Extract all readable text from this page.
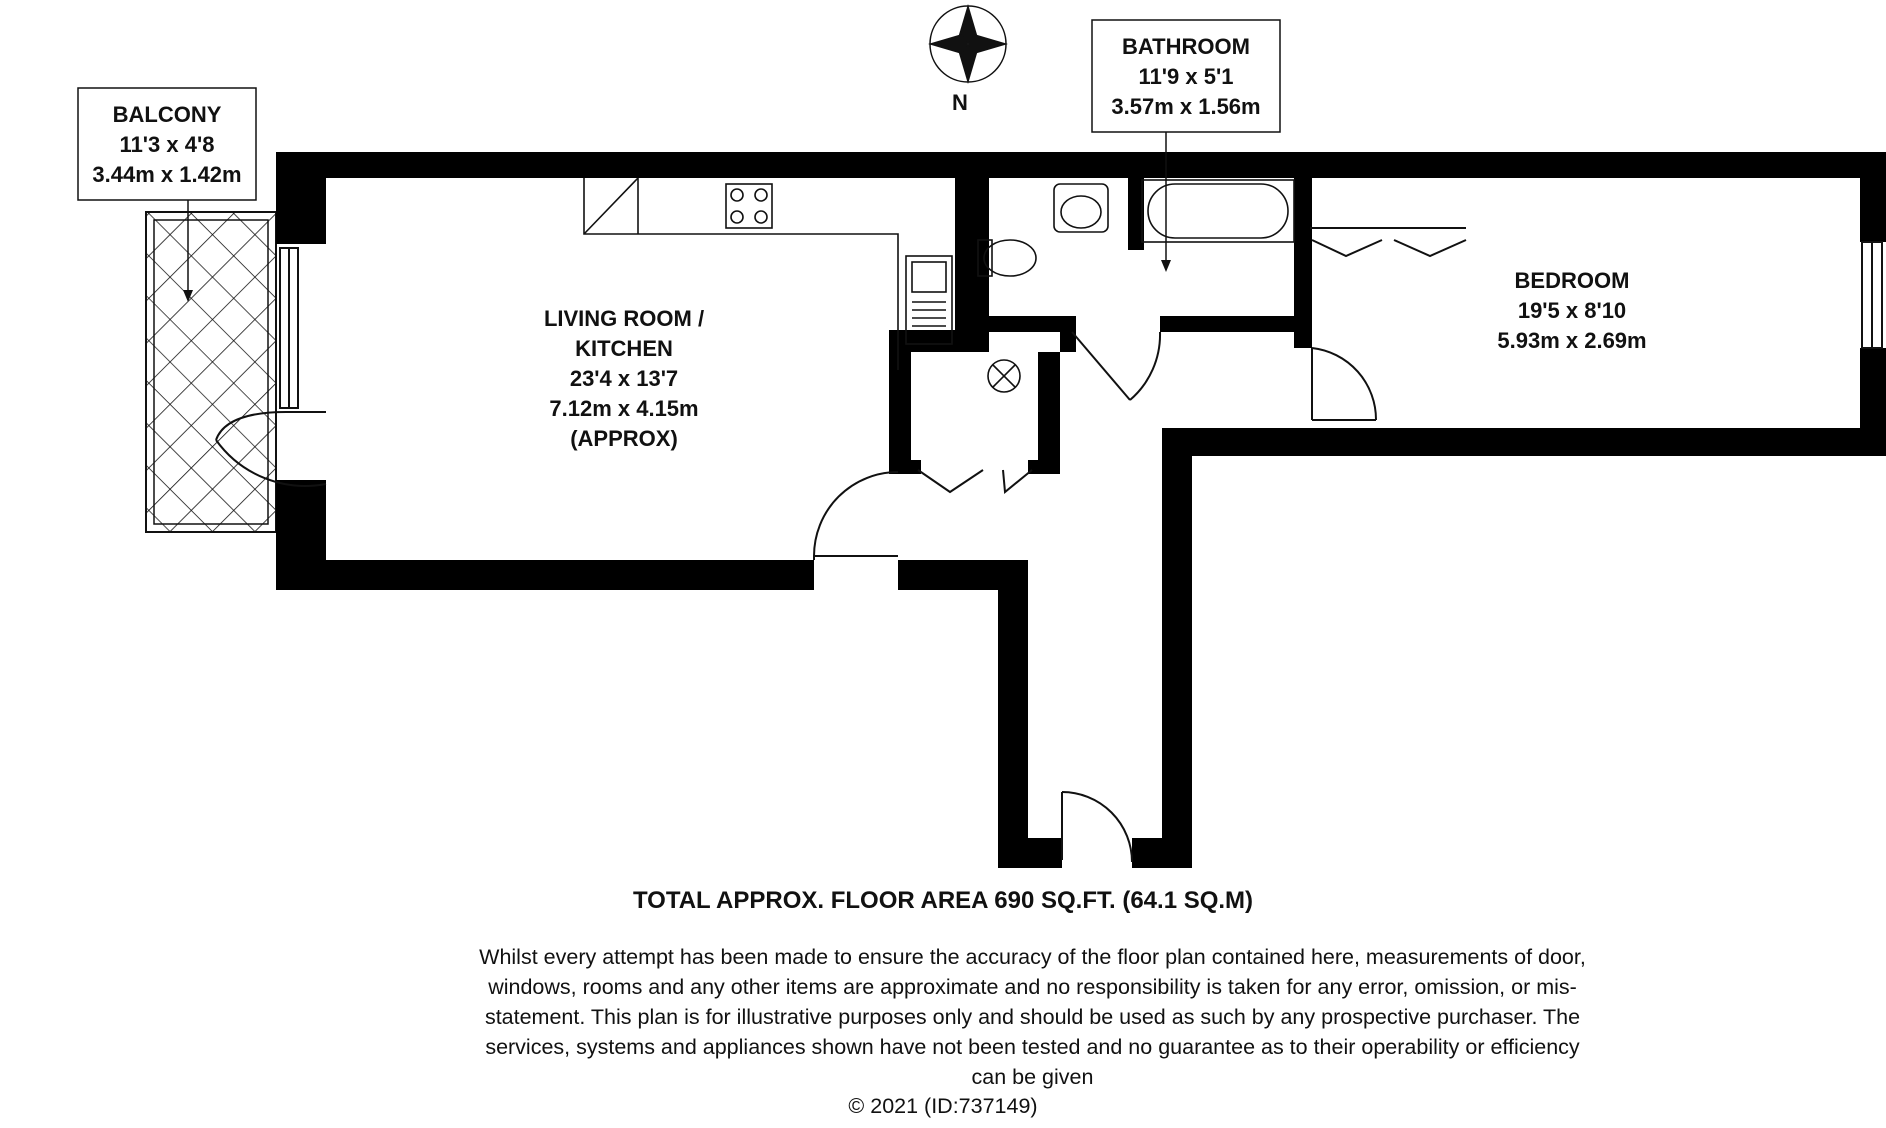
N
BALCONY
11'3 x 4'8
3.44m x 1.42m
BATHROOM
11'9 x 5'1
3.57m x 1.56m
LIVING ROOM /
KITCHEN
23'4 x 13'7
7.12m x 4.15m
(APPROX)
BEDROOM
19'5 x 8'10
5.93m x 2.69m
TOTAL APPROX. FLOOR AREA 690 SQ.FT. (64.1 SQ.M)
Whilst every attempt has been made to ensure the accuracy of the floor plan contained here, measurements of door, windows, rooms and any other items are approximate and no responsibility is taken for any error, omission, or mis-statement. This plan is for illustrative purposes only and should be used as such by any prospective purchaser. The services, systems and appliances shown have not been tested and no guarantee as to their operability or efficiency can be given
© 2021 (ID:737149)
